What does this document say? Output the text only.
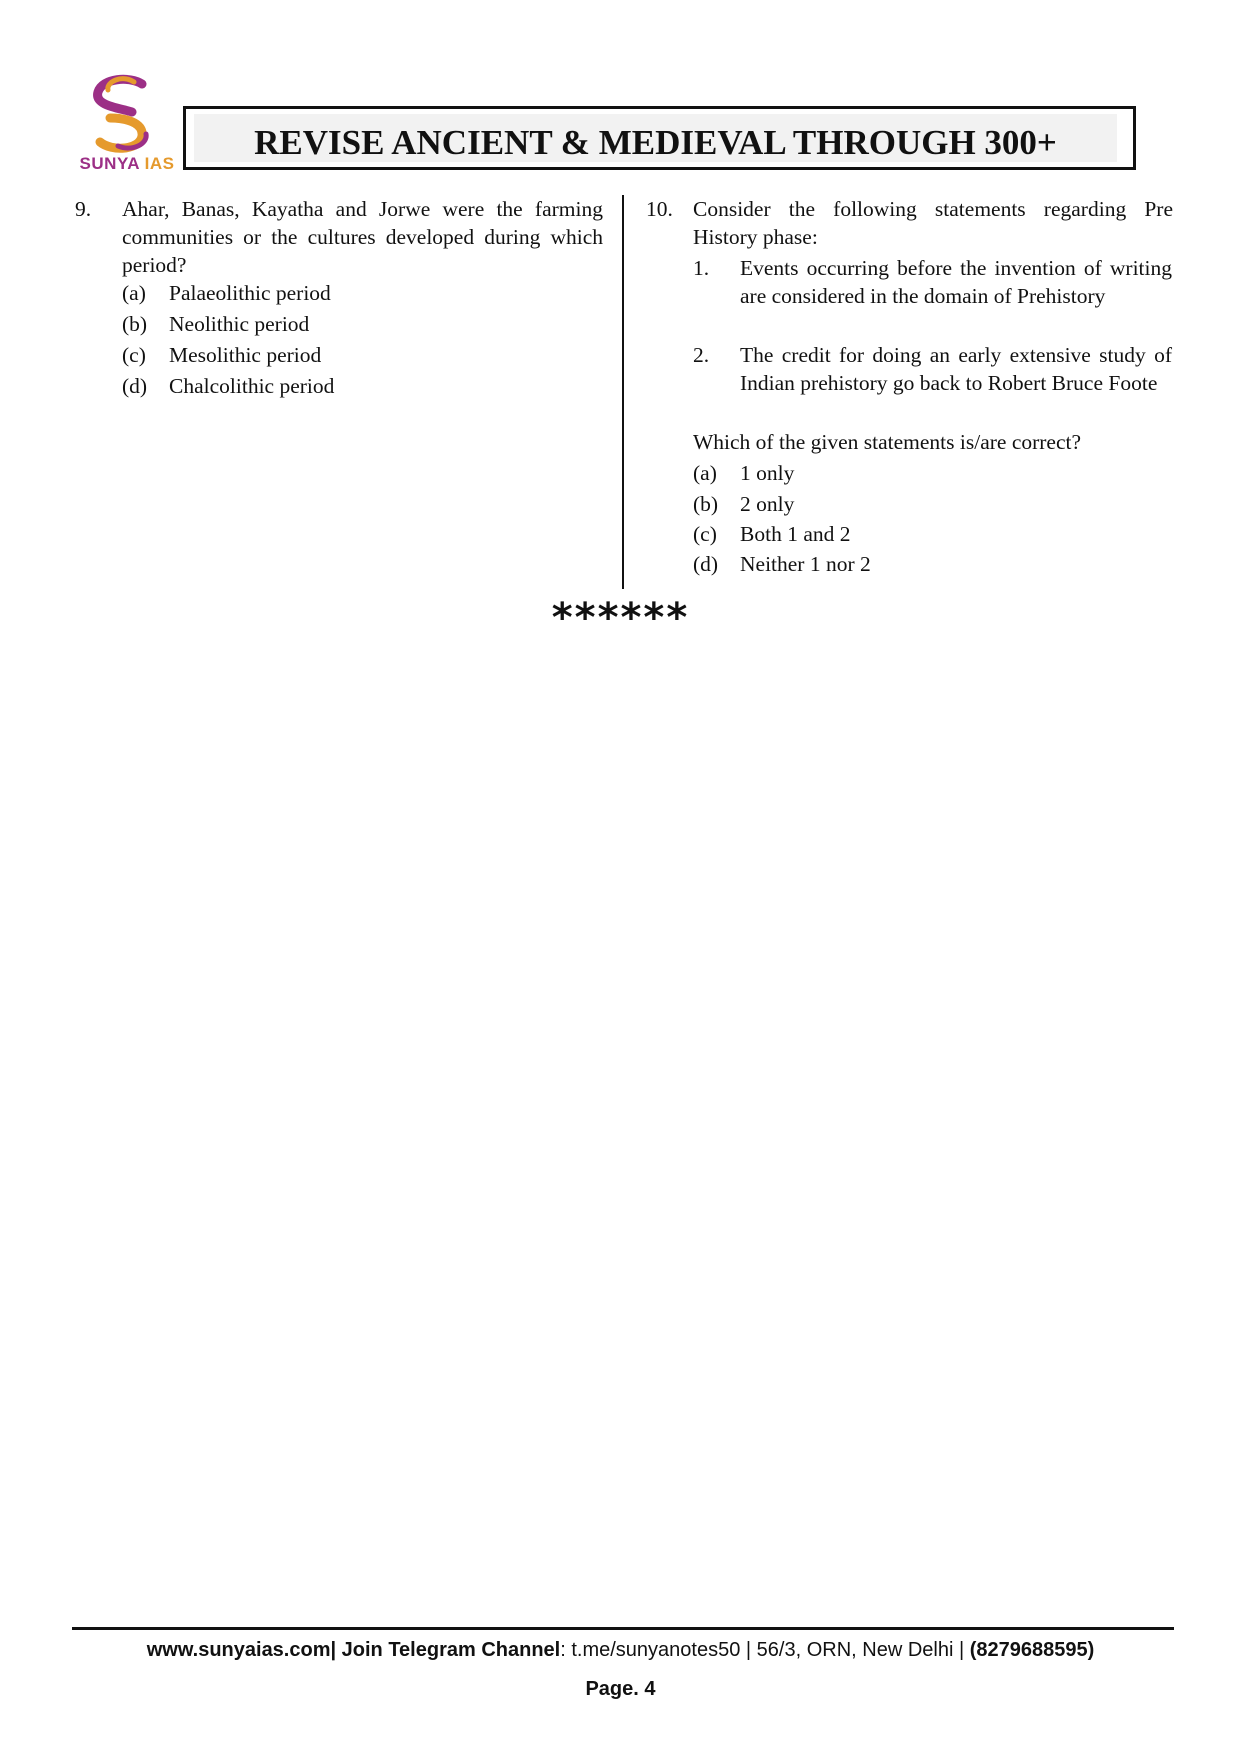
SUNYA IAS
REVISE ANCIENT & MEDIEVAL THROUGH 300+
9. Ahar, Banas, Kayatha and Jorwe were the farming communities or the cultures developed during which period?
(a) Palaeolithic period
(b) Neolithic period
(c) Mesolithic period
(d) Chalcolithic period
10. Consider the following statements regarding Pre History phase:
1. Events occurring before the invention of writing are considered in the domain of Prehistory
2. The credit for doing an early extensive study of Indian prehistory go back to Robert Bruce Foote
Which of the given statements is/are correct?
(a) 1 only
(b) 2 only
(c) Both 1 and 2
(d) Neither 1 nor 2
******
www.sunyaias.com| Join Telegram Channel: t.me/sunyanotes50 | 56/3, ORN, New Delhi | (8279688595)
Page. 4
